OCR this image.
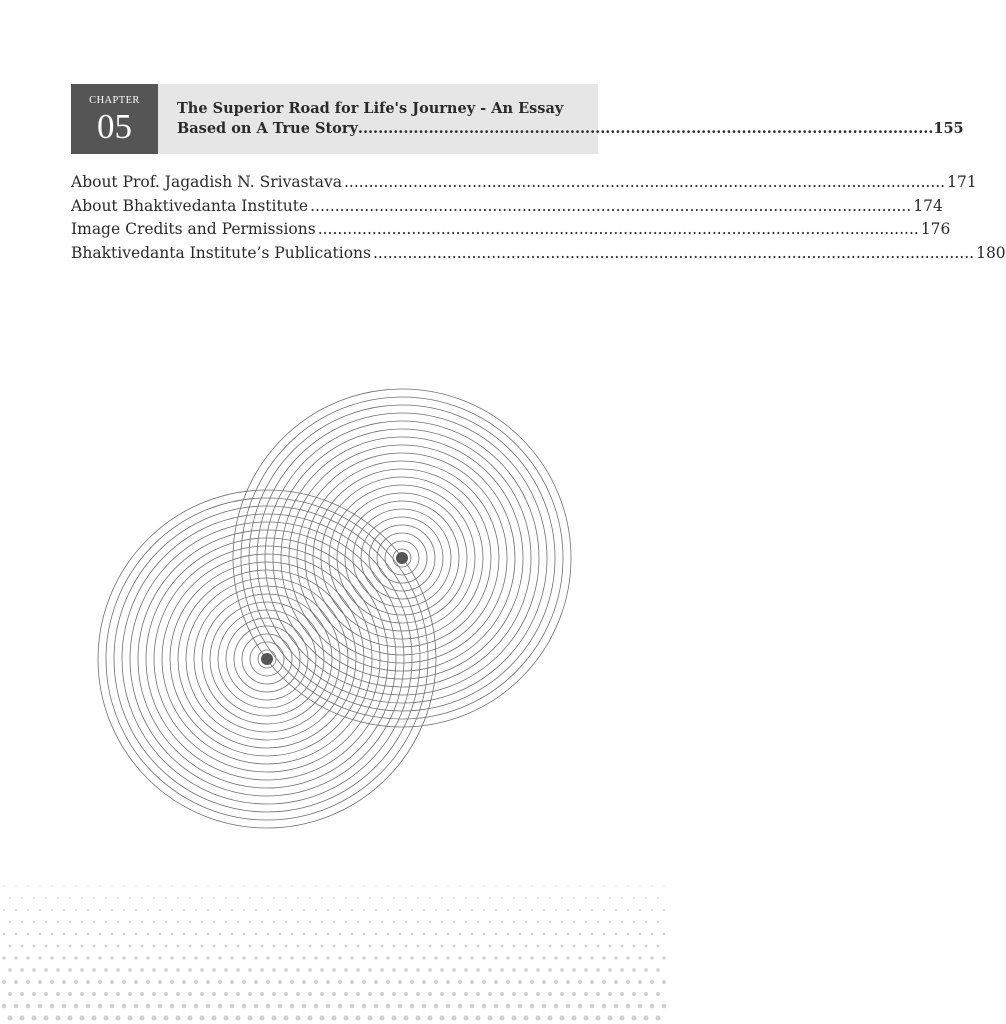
CHAPTER
05	The Superior Road for Life's Journey - An Essay
Based on A True Story .................................................................................................................. 155
About Prof. Jagadish N. Srivastava .......................................................................................................................... 171
About Bhaktivedanta Institute .......................................................................................................................... 174
Image Credits and Permissions .......................................................................................................................... 176
Bhaktivedanta Institute’s Publications .......................................................................................................................... 180
